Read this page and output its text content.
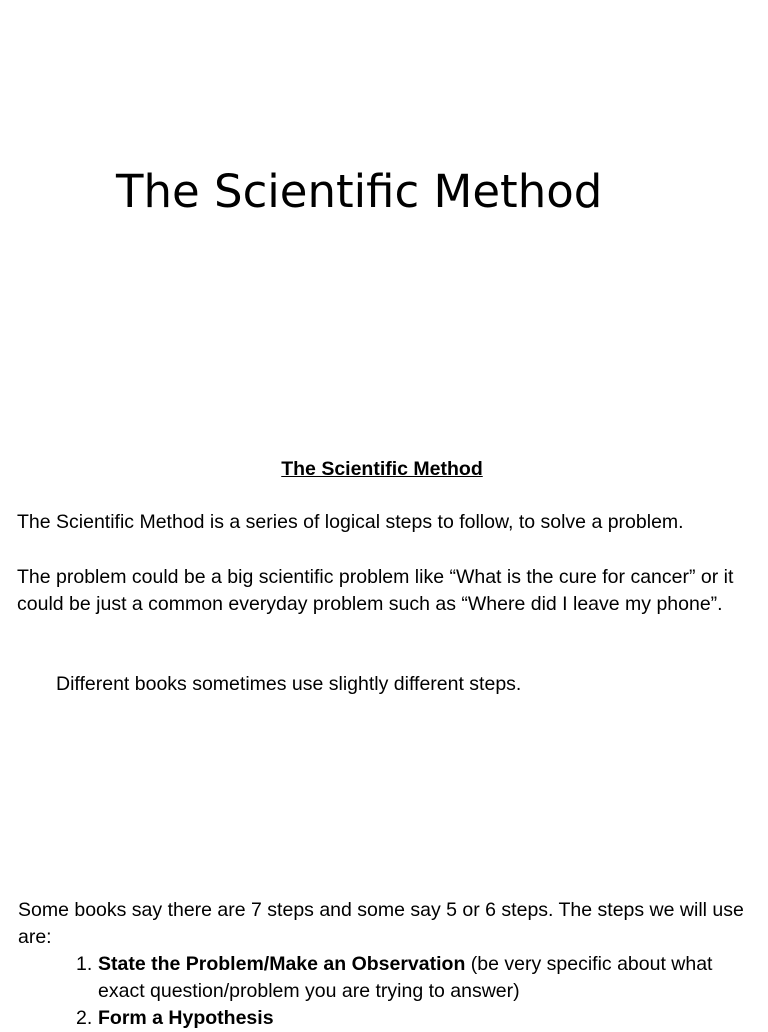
The Scientific Method

The Scientific Method

The Scientific Method is a series of logical steps to follow, to solve a problem.

The problem could be a big scientific problem like “What is the cure for cancer” or it could be just a common everyday problem such as “Where did I leave my phone”.

Different books sometimes use slightly different steps.

Some books say there are 7 steps and some say 5 or 6 steps. The steps we will use are:

1. State the Problem/Make an Observation (be very specific about what exact question/problem you are trying to answer)
2. Form a Hypothesis
